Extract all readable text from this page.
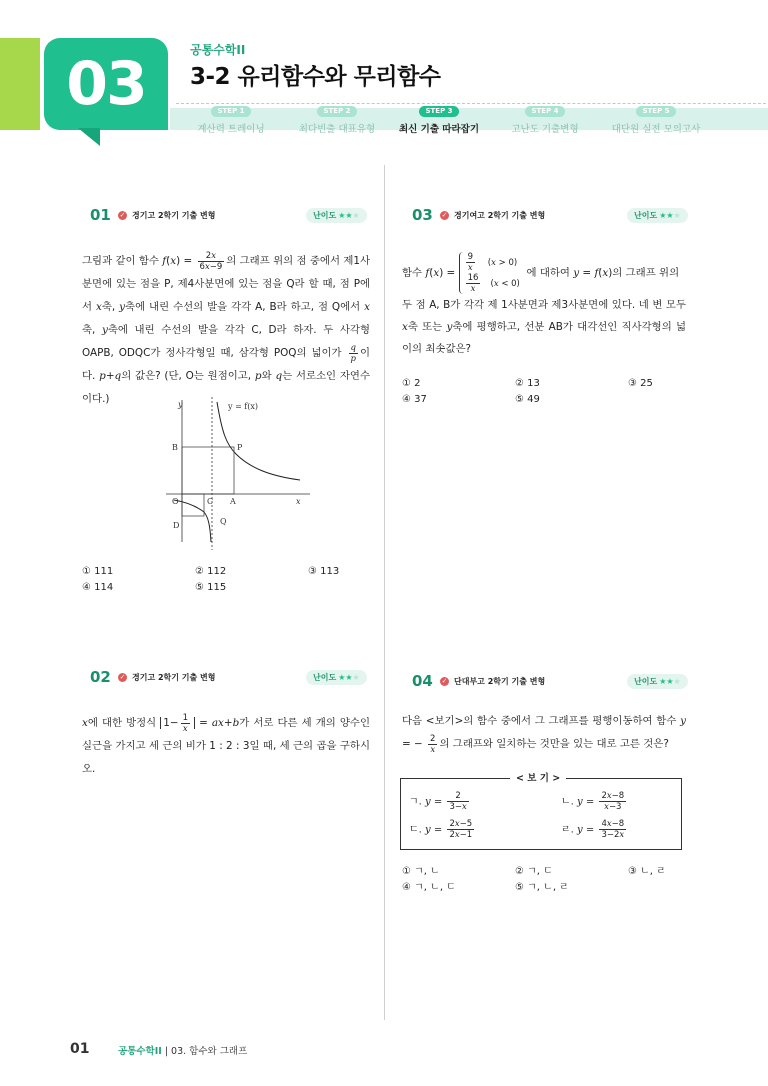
03	공통수학II
3-2 유리함수와 무리함수
STEP 1
계산력 트레이닝
STEP 2
최다빈출 대표유형
STEP 3
최신 기출 따라잡기
STEP 4
고난도 기출변형
STEP 5
대단원 실전 모의고사
01 ✓ 경기고 2학기 기출 변형	난이도 ★★★
그림과 같이 함수 $f(x) = \frac{2x}{6x-9}$ 의 그래프 위의 점 중에서 제1사분면에 있는 점을 P, 제4사분면에 있는 점을 Q라 할 때, 점 P에서 x축, y축에 내린 수선의 발을 각각 A, B라 하고, 점 Q에서 x축, y축에 내린 수선의 발을 각각 C, D라 하자. 두 사각형 OAPB, ODQC가 정사각형일 때, 삼각형 POQ의 넓이가 $\frac{q}{p}$ 이다. p+q의 값은? (단, O는 원점이고, p와 q는 서로소인 자연수이다.)
y = f(x)
y
x
B	P
O	C A
D	Q
① 111	② 112	③ 113
④ 114	⑤ 115
02 ✓ 경기고 2학기 기출 변형	난이도 ★★★
x에 대한 방정식 $1- \frac{1}{x} = ax+b$가 서로 다른 세 개의 양수인 실근을 가지고 세 근의 비가 1 : 2 : 3일 때, 세 근의 곱을 구하시오.
03 ✓ 경기여고 2학기 기출 변형	난이도 ★★★
함수 $f(x) = \frac{9}{x} (x > 0)$
$\frac{16}{x} (x < 0)$
에 대하여 y = f(x)의 그래프 위의
두 점 A, B가 각각 제 1사분면과 제3사분면에 있다. 네 변 모두 x축 또는 y축에 평행하고, 선분 AB가 대각선인 직사각형의 넓이의 최솟값은?
① 2	② 13	③ 25
④ 37	⑤ 49
04 ✓ 단대부고 2학기 기출 변형	난이도 ★★★
다음 <보기>의 함수 중에서 그 그래프를 평행이동하여 함수 y = − $\frac{2}{x}$ 의 그래프와 일치하는 것만을 있는 대로 고른 것은?
ㄱ. $y = \frac{2}{3-x}$	ㄴ. $y = \frac{2x-8}{x-3}$
ㄷ. $y = \frac{2x-5}{2x-1}$	ㄹ. $y = \frac{4x-8}{3-2x}$
< 보 기 >
① ㄱ, ㄴ	② ㄱ, ㄷ	③ ㄴ, ㄹ
④ ㄱ, ㄴ, ㄷ	⑤ ㄱ, ㄴ, ㄹ
01	공통수학II | 03. 함수와 그래프
